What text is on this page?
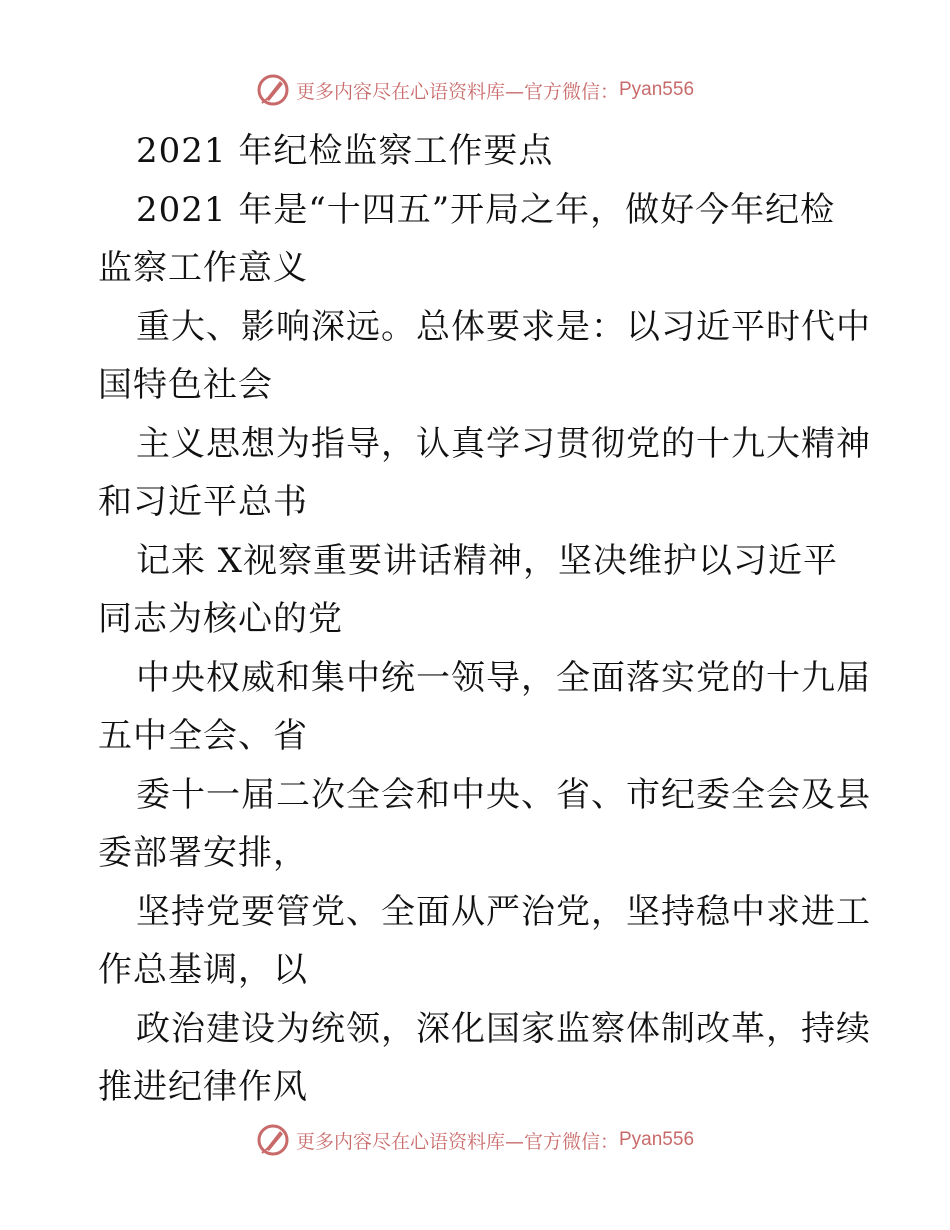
更多内容尽在心语资料库—官方微信： Pyan556
2021 年纪检监察工作要点
2021 年是“十四五”开局之年，做好今年纪检
监察工作意义
重大、影响深远。总体要求是：以习近平时代中
国特色社会
主义思想为指导，认真学习贯彻党的十九大精神
和习近平总书
记来 X视察重要讲话精神，坚决维护以习近平
同志为核心的党
中央权威和集中统一领导，全面落实党的十九届
五中全会、省
委十一届二次全会和中央、省、市纪委全会及县
委部署安排，
坚持党要管党、全面从严治党，坚持稳中求进工
作总基调，以
政治建设为统领，深化国家监察体制改革，持续
推进纪律作风
更多内容尽在心语资料库—官方微信： Pyan556
